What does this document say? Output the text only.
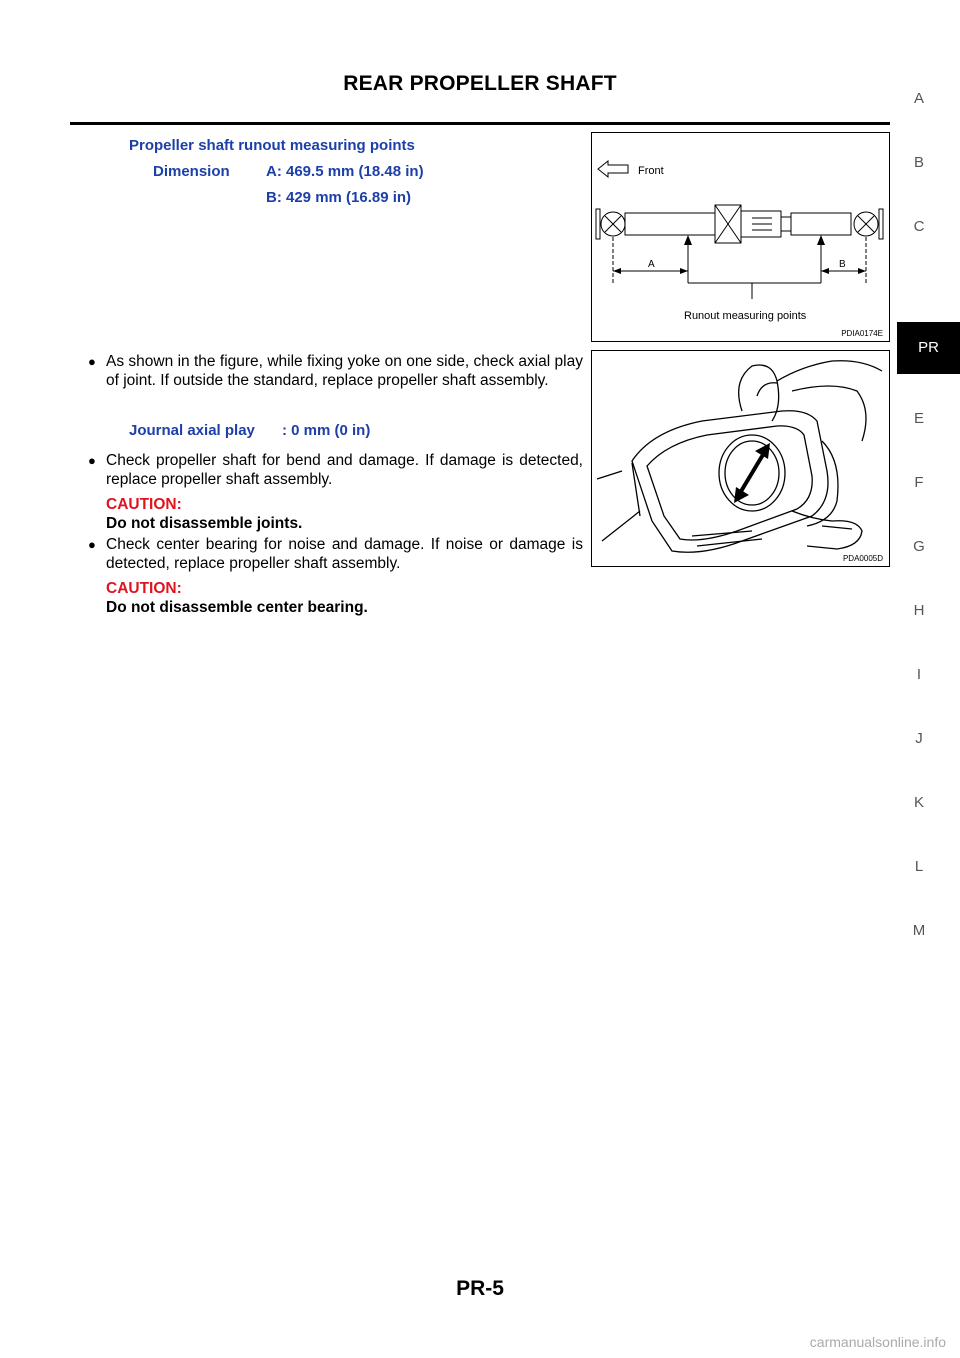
REAR PROPELLER SHAFT
A
B
C
PR
E
F
G
H
I
J
K
L
M
Propeller shaft runout measuring points
Dimension A: 469.5 mm (18.48 in)
B: 429 mm (16.89 in)
Front
A	B
Runout measuring points
PDIA0174E
PDA0005D
● As shown in the figure, while fixing yoke on one side, check axial play of joint. If outside the standard, replace propeller shaft assembly.
Journal axial play : 0 mm (0 in)
● Check propeller shaft for bend and damage. If damage is detected, replace propeller shaft assembly.
CAUTION:
Do not disassemble joints.
● Check center bearing for noise and damage. If noise or damage is detected, replace propeller shaft assembly.
CAUTION:
Do not disassemble center bearing.
PR-5
carmanualsonline.info
